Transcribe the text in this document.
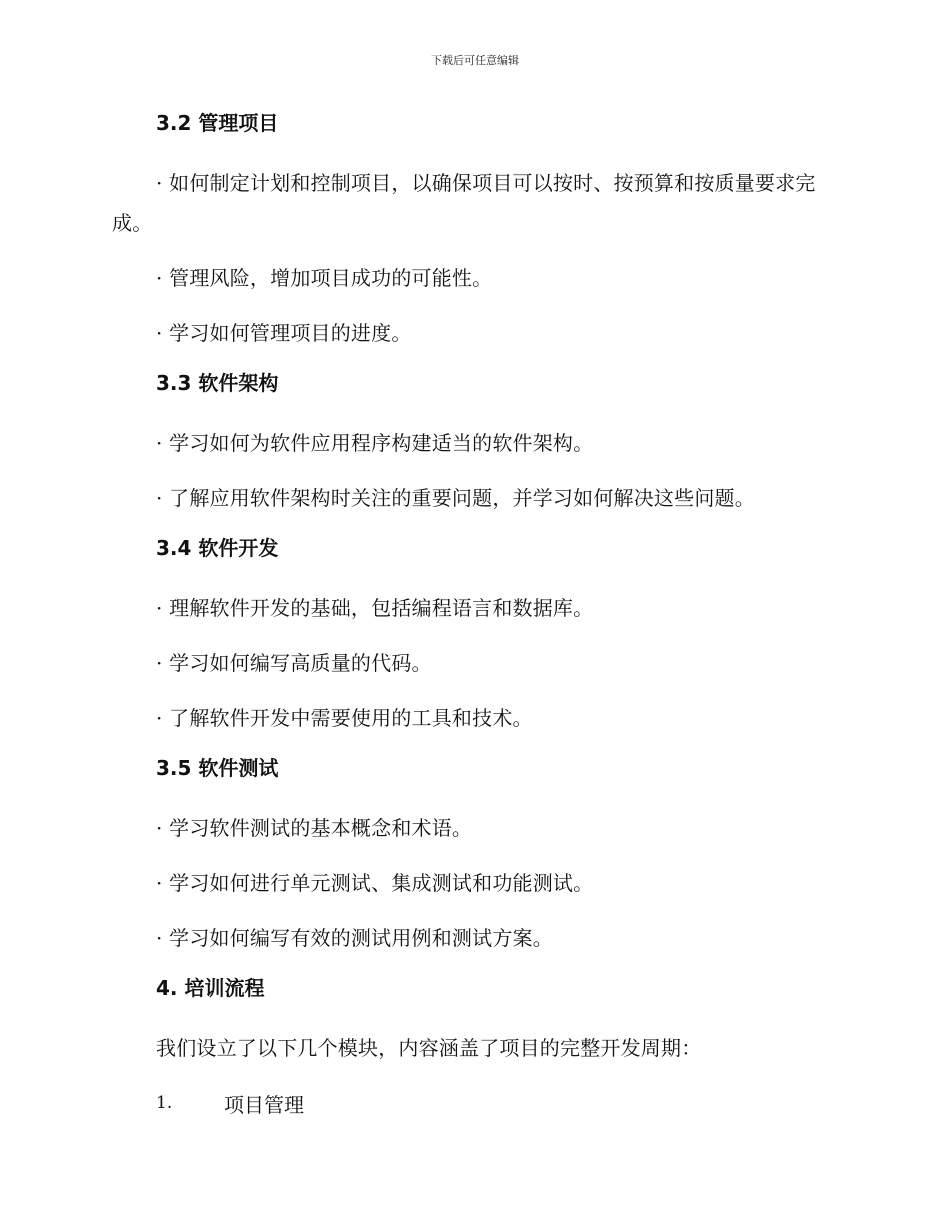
下载后可任意编辑
3.2 管理项目

· 如何制定计划和控制项目，以确保项目可以按时、按预算和按质量要求完成。

· 管理风险，增加项目成功的可能性。

· 学习如何管理项目的进度。

3.3 软件架构

· 学习如何为软件应用程序构建适当的软件架构。

· 了解应用软件架构时关注的重要问题，并学习如何解决这些问题。

3.4 软件开发

· 理解软件开发的基础，包括编程语言和数据库。

· 学习如何编写高质量的代码。

· 了解软件开发中需要使用的工具和技术。

3.5 软件测试

· 学习软件测试的基本概念和术语。

· 学习如何进行单元测试、集成测试和功能测试。

· 学习如何编写有效的测试用例和测试方案。

4. 培训流程

我们设立了以下几个模块，内容涵盖了项目的完整开发周期：

1.	项目管理
